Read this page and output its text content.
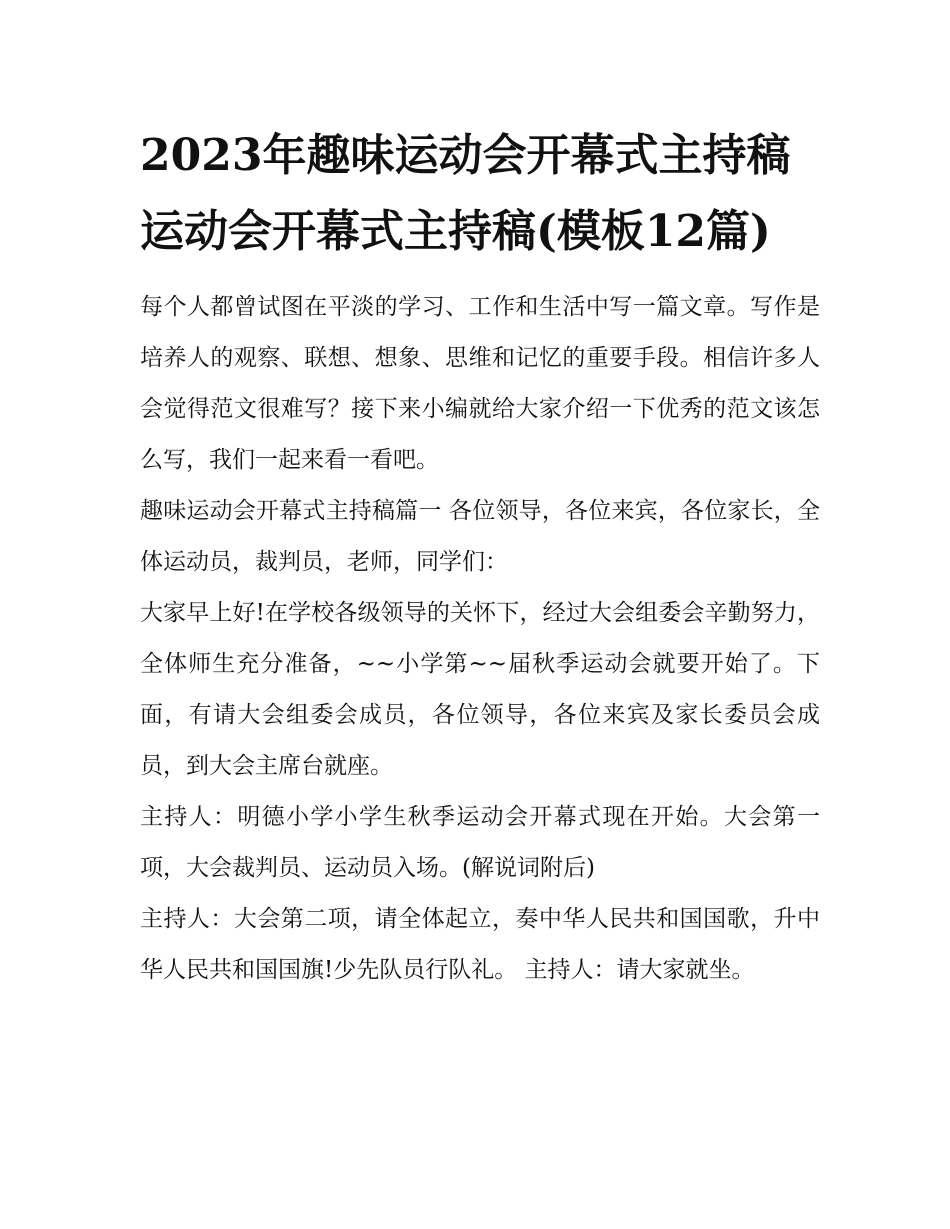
2023年趣味运动会开幕式主持稿 运动会开幕式主持稿(模板12篇)

每个人都曾试图在平淡的学习、工作和生活中写一篇文章。写作是培养人的观察、联想、想象、思维和记忆的重要手段。相信许多人会觉得范文很难写？接下来小编就给大家介绍一下优秀的范文该怎么写，我们一起来看一看吧。

趣味运动会开幕式主持稿篇一 各位领导，各位来宾，各位家长，全体运动员，裁判员，老师，同学们：

大家早上好!在学校各级领导的关怀下，经过大会组委会辛勤努力，全体师生充分准备，~~小学第~~届秋季运动会就要开始了。下面，有请大会组委会成员，各位领导，各位来宾及家长委员会成员，到大会主席台就座。

主持人：明德小学小学生秋季运动会开幕式现在开始。大会第一项，大会裁判员、运动员入场。(解说词附后)

主持人：大会第二项，请全体起立，奏中华人民共和国国歌，升中华人民共和国国旗!少先队员行队礼。 主持人：请大家就坐。
